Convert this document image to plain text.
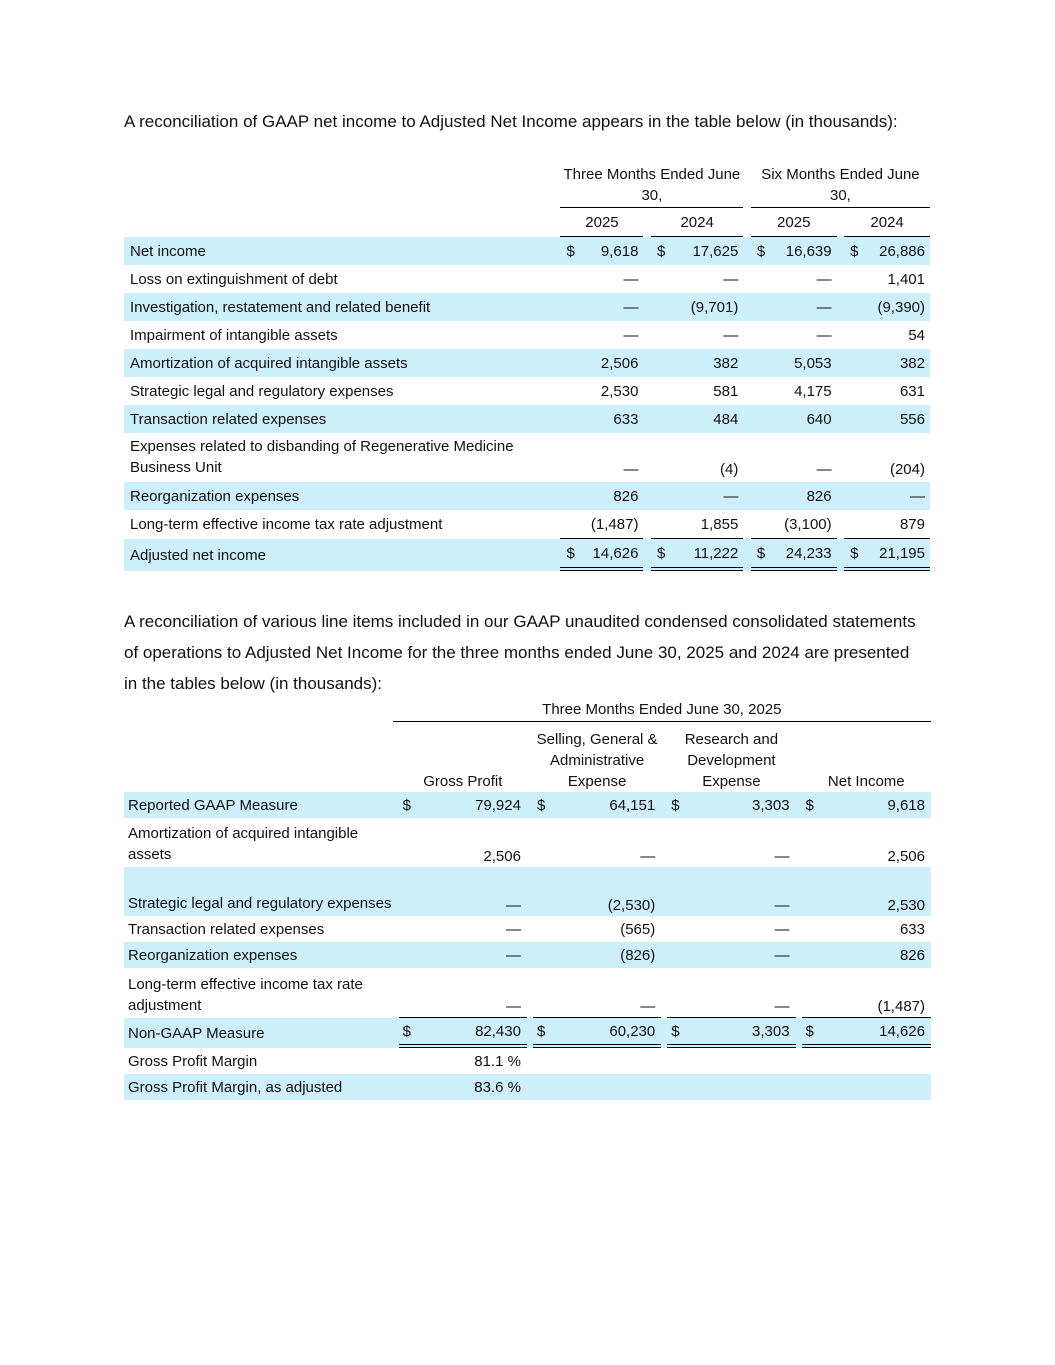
A reconciliation of GAAP net income to Adjusted Net Income appears in the table below (in thousands):

		Three Months Ended June 30,						Six Months Ended June 30,				
		2025			2024			2025			2024	
Net income		$	9,618		$	17,625		$	16,639		$	26,886
Loss on extinguishment of debt			—			—			—			1,401
Investigation, restatement and related benefit			—			(9,701)			—			(9,390)
Impairment of intangible assets			—			—			—			54
Amortization of acquired intangible assets			2,506			382			5,053			382
Strategic legal and regulatory expenses			2,530			581			4,175			631
Transaction related expenses			633			484			640			556
Expenses related to disbanding of Regenerative Medicine Business Unit			—			(4)			—			(204)
Reorganization expenses			826			—			826			—
Long-term effective income tax rate adjustment			(1,487)			1,855			(3,100)			879
Adjusted net income		$	14,626		$	11,222		$	24,233		$	21,195

A reconciliation of various line items included in our GAAP unaudited condensed consolidated statements of operations to Adjusted Net Income for the three months ended June 30, 2025 and 2024 are presented in the tables below (in thousands):

	Three Months Ended June 30, 2025											
		Gross Profit			Selling, General & Administrative Expense			Research and Development Expense			Net Income	
Reported GAAP Measure		$	79,924		$	64,151		$	3,303		$	9,618
Amortization of acquired intangible assets			2,506			—			—			2,506
Strategic legal and regulatory expenses			—			(2,530)			—			2,530
Transaction related expenses			—			(565)			—			633
Reorganization expenses			—			(826)			—			826
Long-term effective income tax rate adjustment			—			—			—			(1,487)
Non-GAAP Measure		$	82,430		$	60,230		$	3,303		$	14,626
Gross Profit Margin			81.1 %									
Gross Profit Margin, as adjusted			83.6 %									
